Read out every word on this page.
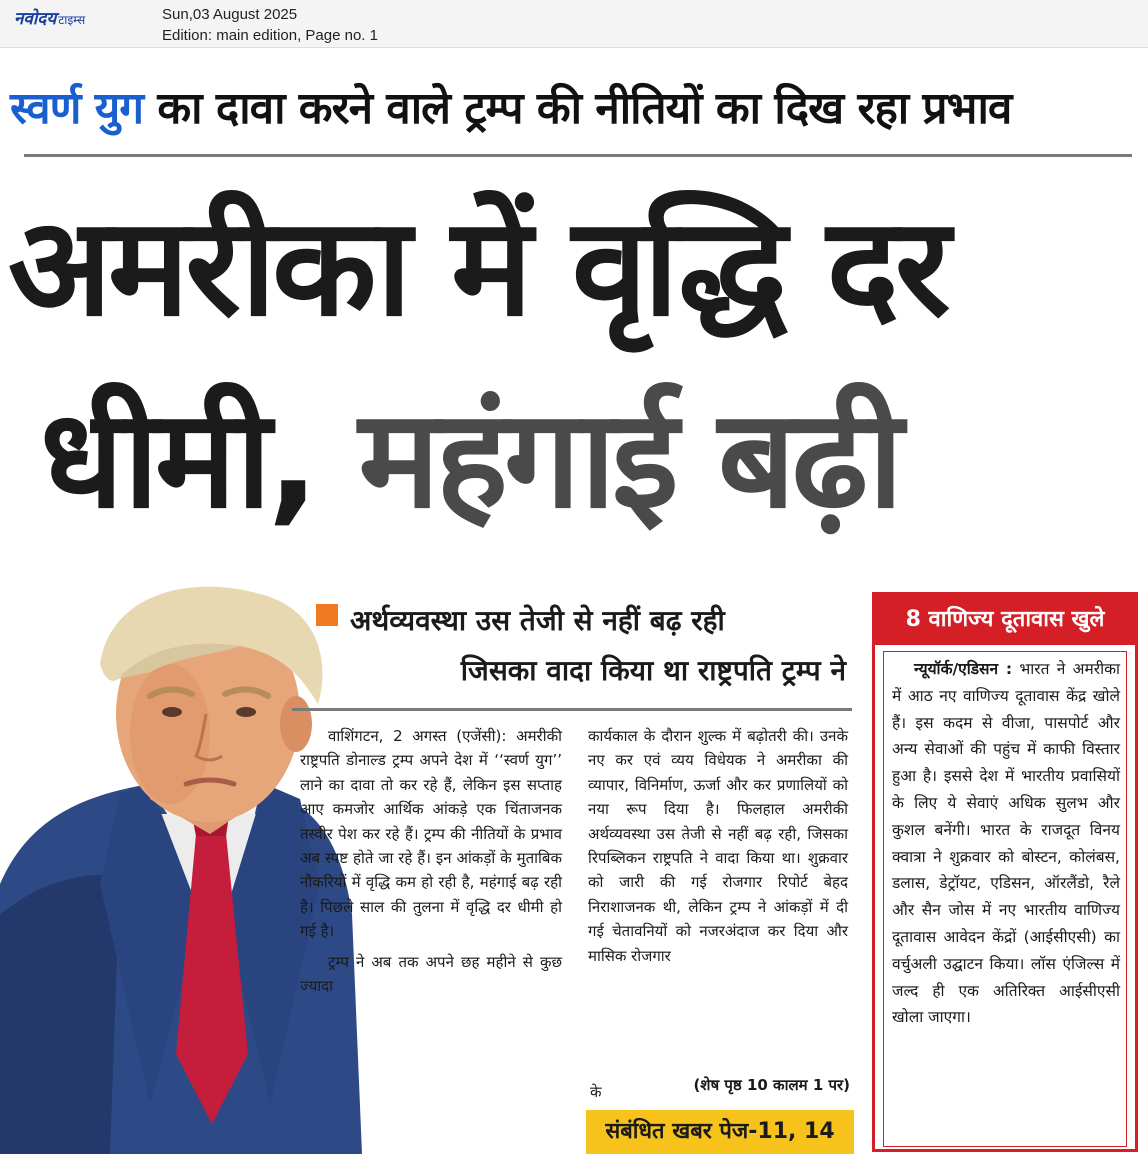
नवोदय टाइम्स	Sun,03 August 2025
Edition: main edition, Page no. 1
स्वर्ण युग का दावा करने वाले ट्रम्प की नीतियों का दिख रहा प्रभाव
अमरीका में वृद्धि दर
धीमी, महंगाई बढ़ी
अर्थव्यवस्था उस तेजी से नहीं बढ़ रही
जिसका वादा किया था राष्ट्रपति ट्रम्प ने

वाशिंगटन, 2 अगस्त (एजेंसी): अमरीकी राष्ट्रपति डोनाल्ड ट्रम्प अपने देश में ‘‘स्वर्ण युग’’ लाने का दावा तो कर रहे हैं, लेकिन इस सप्ताह आए कमजोर आर्थिक आंकड़े एक चिंताजनक तस्वीर पेश कर रहे हैं। ट्रम्प की नीतियों के प्रभाव अब स्पष्ट होते जा रहे हैं। इन आंकड़ों के मुताबिक नौकरियों में वृद्धि कम हो रही है, महंगाई बढ़ रही है। पिछले साल की तुलना में वृद्धि दर धीमी हो गई है।

ट्रम्प ने अब तक अपने छह महीने से कुछ ज्यादा

कार्यकाल के दौरान शुल्क में बढ़ोतरी की। उनके नए कर एवं व्यय विधेयक ने अमरीका की व्यापार, विनिर्माण, ऊर्जा और कर प्रणालियों को नया रूप दिया है। फिलहाल अमरीकी अर्थव्यवस्था उस तेजी से नहीं बढ़ रही, जिसका रिपब्लिकन राष्ट्रपति ने वादा किया था। शुक्रवार को जारी की गई रोजगार रिपोर्ट बेहद निराशाजनक थी, लेकिन ट्रम्प ने आंकड़ों में दी गई चेतावनियों को नजरअंदाज कर दिया और मासिक रोजगार

के	(शेष पृष्ठ 10 कालम 1 पर)
संबंधित खबर पेज-11, 14
8 वाणिज्य दूतावास खुले
न्यूयॉर्क/एडिसन : भारत ने अमरीका में आठ नए वाणिज्य दूतावास केंद्र खोले हैं। इस कदम से वीजा, पासपोर्ट और अन्य सेवाओं की पहुंच में काफी विस्तार हुआ है। इससे देश में भारतीय प्रवासियों के लिए ये सेवाएं अधिक सुलभ और कुशल बनेंगी। भारत के राजदूत विनय क्वात्रा ने शुक्रवार को बोस्टन, कोलंबस, डलास, डेट्रॉयट, एडिसन, ऑरलैंडो, रैले और सैन जोस में नए भारतीय वाणिज्य दूतावास आवेदन केंद्रों (आईसीएसी) का वर्चुअली उद्घाटन किया। लॉस एंजिल्स में जल्द ही एक अतिरिक्त आईसीएसी खोला जाएगा।
